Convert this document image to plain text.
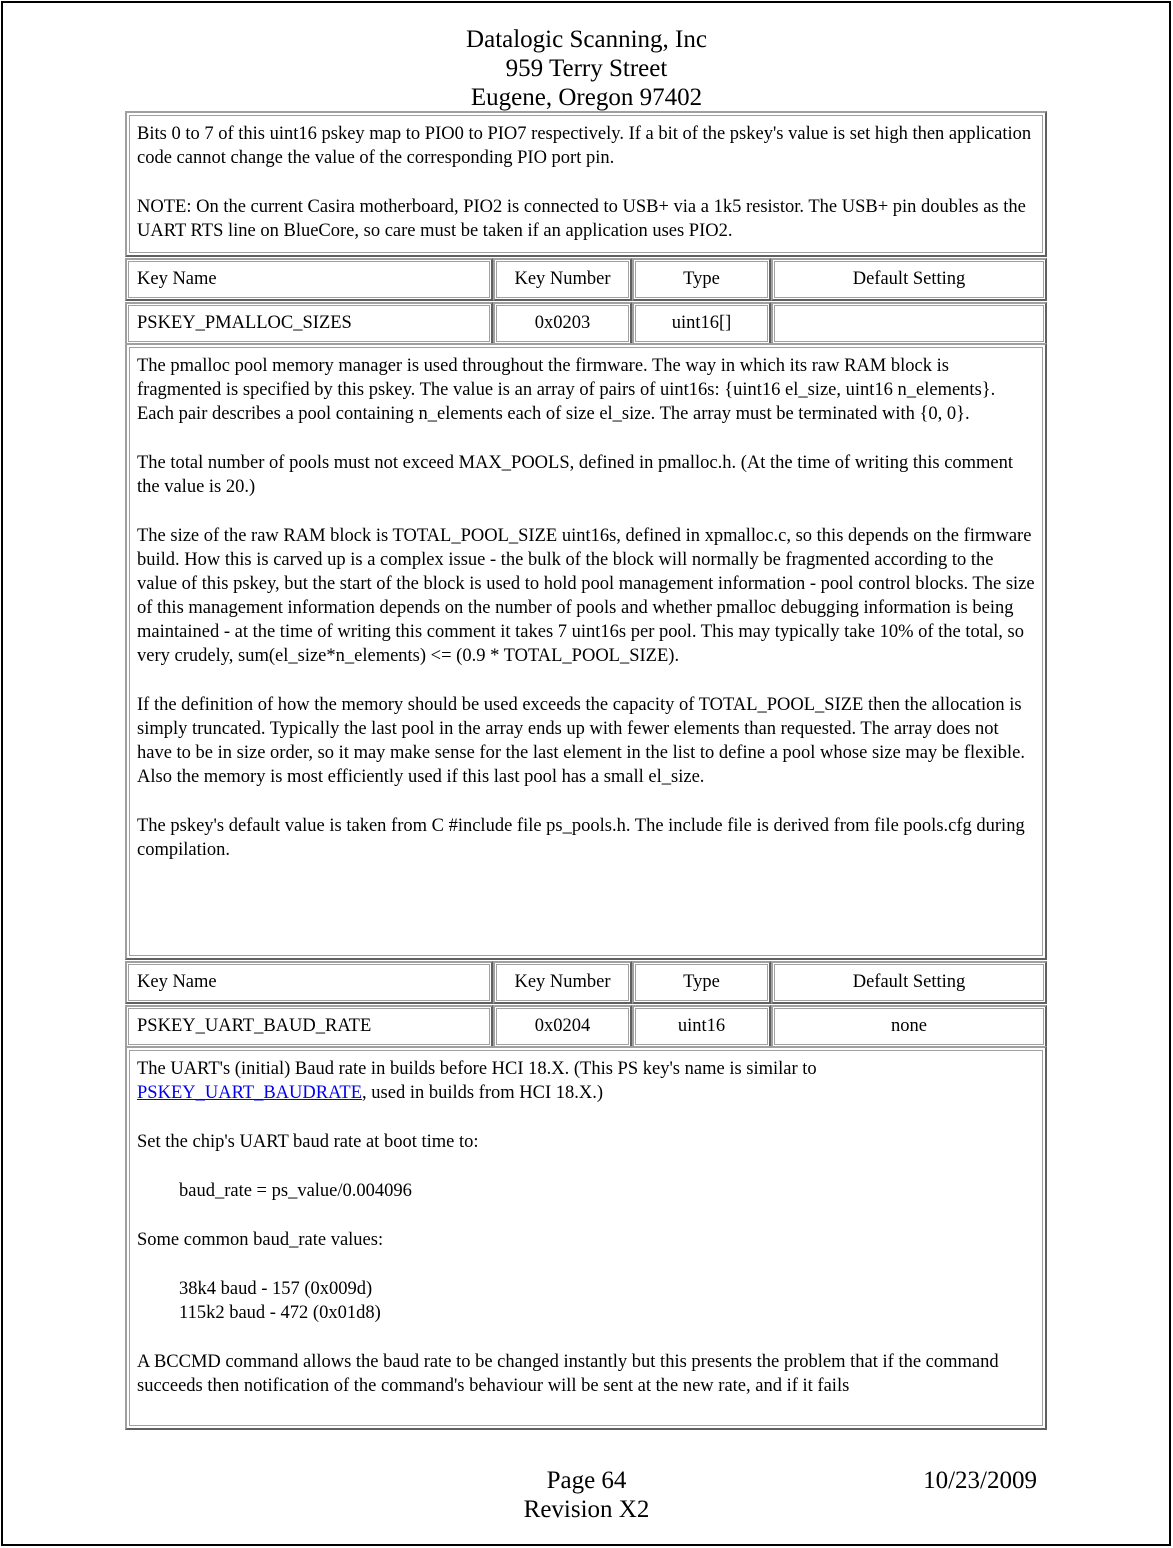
Datalogic Scanning, Inc
959 Terry Street
Eugene, Oregon 97402

Bits 0 to 7 of this uint16 pskey map to PIO0 to PIO7 respectively. If a bit of the pskey's value is set high then application code cannot change the value of the corresponding PIO port pin.

NOTE: On the current Casira motherboard, PIO2 is connected to USB+ via a 1k5 resistor. The USB+ pin doubles as the UART RTS line on BlueCore, so care must be taken if an application uses PIO2.

Key Name	Key Number	Type	Default Setting
PSKEY_PMALLOC_SIZES	0x0203	uint16[]

The pmalloc pool memory manager is used throughout the firmware. The way in which its raw RAM block is fragmented is specified by this pskey. The value is an array of pairs of uint16s: {uint16 el_size, uint16 n_elements}. Each pair describes a pool containing n_elements each of size el_size. The array must be terminated with {0, 0}.

The total number of pools must not exceed MAX_POOLS, defined in pmalloc.h. (At the time of writing this comment the value is 20.)

The size of the raw RAM block is TOTAL_POOL_SIZE uint16s, defined in xpmalloc.c, so this depends on the firmware build. How this is carved up is a complex issue - the bulk of the block will normally be fragmented according to the value of this pskey, but the start of the block is used to hold pool management information - pool control blocks. The size of this management information depends on the number of pools and whether pmalloc debugging information is being maintained - at the time of writing this comment it takes 7 uint16s per pool. This may typically take 10% of the total, so very crudely, sum(el_size*n_elements) <= (0.9 * TOTAL_POOL_SIZE).

If the definition of how the memory should be used exceeds the capacity of TOTAL_POOL_SIZE then the allocation is simply truncated. Typically the last pool in the array ends up with fewer elements than requested. The array does not have to be in size order, so it may make sense for the last element in the list to define a pool whose size may be flexible. Also the memory is most efficiently used if this last pool has a small el_size.

The pskey's default value is taken from C #include file ps_pools.h. The include file is derived from file pools.cfg during compilation.

Key Name	Key Number	Type	Default Setting
PSKEY_UART_BAUD_RATE	0x0204	uint16	none

The UART's (initial) Baud rate in builds before HCI 18.X. (This PS key's name is similar to PSKEY_UART_BAUDRATE, used in builds from HCI 18.X.)

Set the chip's UART baud rate at boot time to:

baud_rate = ps_value/0.004096

Some common baud_rate values:

38k4 baud - 157 (0x009d)
115k2 baud - 472 (0x01d8)

A BCCMD command allows the baud rate to be changed instantly but this presents the problem that if the command succeeds then notification of the command's behaviour will be sent at the new rate, and if it fails

Page 64	10/23/2009
Revision X2
